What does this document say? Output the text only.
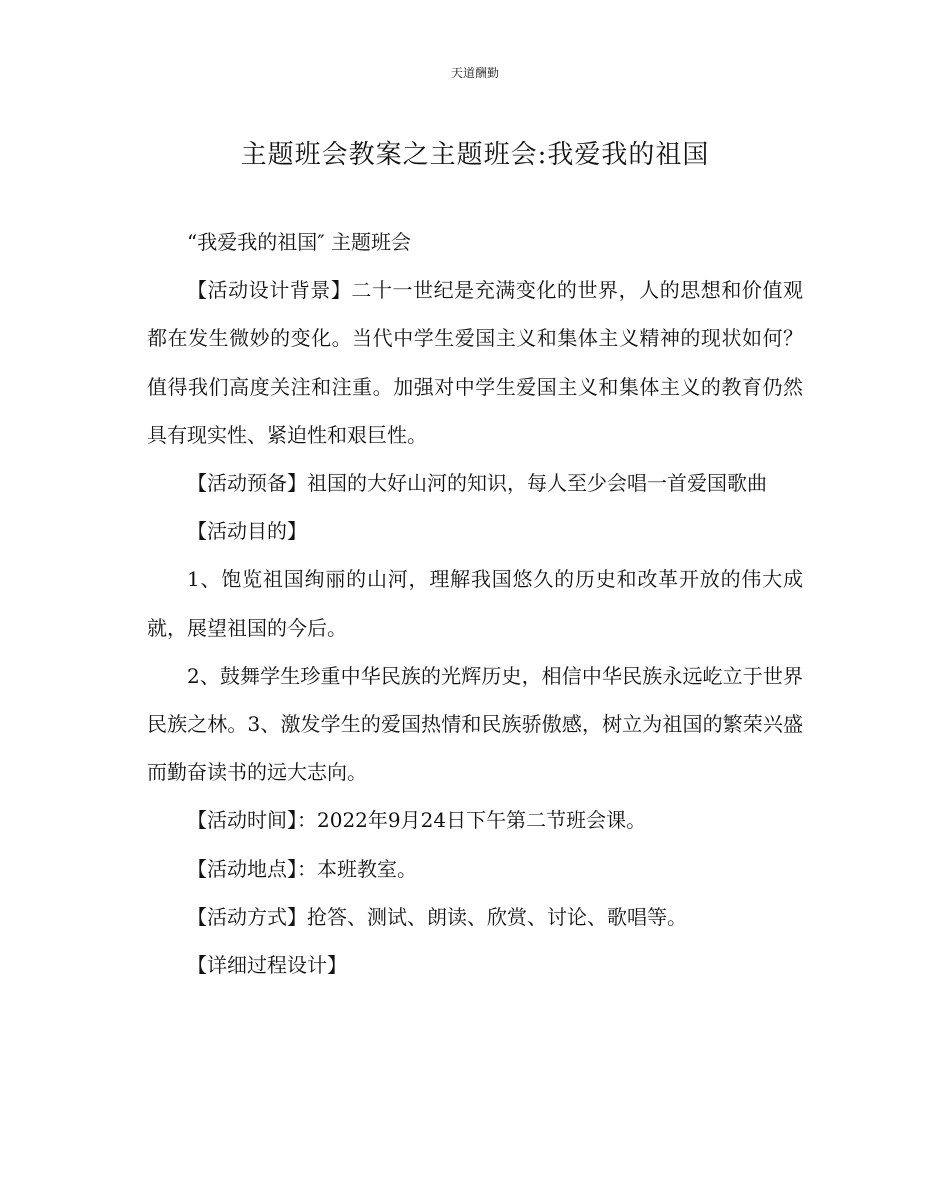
天道酬勤
主题班会教案之主题班会:我爱我的祖国

“我爱我的祖国″ 主题班会

【活动设计背景】二十一世纪是充满变化的世界，人的思想和价值观都在发生微妙的变化。当代中学生爱国主义和集体主义精神的现状如何？值得我们高度关注和注重。加强对中学生爱国主义和集体主义的教育仍然具有现实性、紧迫性和艰巨性。

【活动预备】祖国的大好山河的知识，每人至少会唱一首爱国歌曲

【活动目的】

1、饱览祖国绚丽的山河，理解我国悠久的历史和改革开放的伟大成就，展望祖国的今后。

2、鼓舞学生珍重中华民族的光辉历史，相信中华民族永远屹立于世界民族之林。3、激发学生的爱国热情和民族骄傲感，树立为祖国的繁荣兴盛而勤奋读书的远大志向。

【活动时间】：2022年9月24日下午第二节班会课。

【活动地点】：本班教室。

【活动方式】抢答、测试、朗读、欣赏、讨论、歌唱等。

【详细过程设计】
